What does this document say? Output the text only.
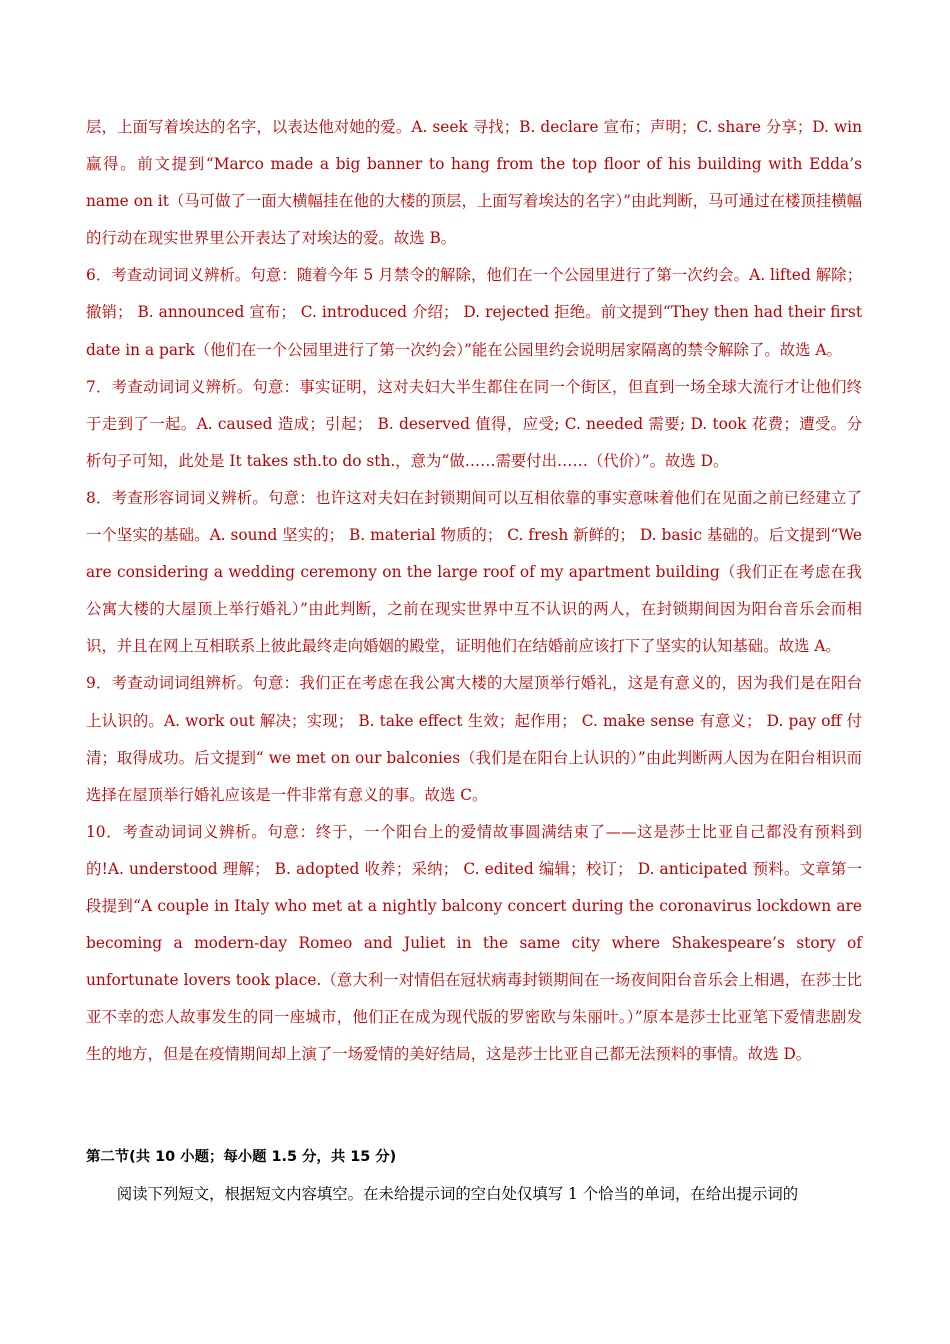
层，上面写着埃达的名字，以表达他对她的爱。A. seek 寻找；B. declare 宣布；声明；C. share 分享；D. win 赢得。前文提到“Marco made a big banner to hang from the top floor of his building with Edda’s name on it（马可做了一面大横幅挂在他的大楼的顶层，上面写着埃达的名字）”由此判断，马可通过在楼顶挂横幅的行动在现实世界里公开表达了对埃达的爱。故选 B。

6．考查动词词义辨析。句意：随着今年 5 月禁令的解除，他们在一个公园里进行了第一次约会。A. lifted 解除；撤销； B. announced 宣布； C. introduced 介绍； D. rejected 拒绝。前文提到“They then had their first date in a park（他们在一个公园里进行了第一次约会）”能在公园里约会说明居家隔离的禁令解除了。故选 A。

7．考查动词词义辨析。句意：事实证明，这对夫妇大半生都住在同一个街区，但直到一场全球大流行才让他们终于走到了一起。A. caused 造成；引起； B. deserved 值得，应受; C. needed 需要; D. took 花费；遭受。分析句子可知，此处是 It takes sth.to do sth.，意为“做……需要付出……（代价）”。故选 D。

8．考查形容词词义辨析。句意：也许这对夫妇在封锁期间可以互相依靠的事实意味着他们在见面之前已经建立了一个坚实的基础。A. sound 坚实的； B. material 物质的； C. fresh 新鲜的； D. basic 基础的。后文提到“We are considering a wedding ceremony on the large roof of my apartment building（我们正在考虑在我公寓大楼的大屋顶上举行婚礼）”由此判断，之前在现实世界中互不认识的两人，在封锁期间因为阳台音乐会而相识，并且在网上互相联系上彼此最终走向婚姻的殿堂，证明他们在结婚前应该打下了坚实的认知基础。故选 A。

9．考查动词词组辨析。句意：我们正在考虑在我公寓大楼的大屋顶举行婚礼，这是有意义的，因为我们是在阳台上认识的。A. work out 解决；实现； B. take effect 生效；起作用； C. make sense 有意义； D. pay off 付清；取得成功。后文提到“ we met on our balconies（我们是在阳台上认识的）”由此判断两人因为在阳台相识而选择在屋顶举行婚礼应该是一件非常有意义的事。故选 C。

10．考查动词词义辨析。句意：终于，一个阳台上的爱情故事圆满结束了——这是莎士比亚自己都没有预料到的!A. understood 理解； B. adopted 收养；采纳； C. edited 编辑；校订； D. anticipated 预料。文章第一段提到“A couple in Italy who met at a nightly balcony concert during the coronavirus lockdown are becoming a modern-day Romeo and Juliet in the same city where Shakespeare’s story of unfortunate lovers took place.（意大利一对情侣在冠状病毒封锁期间在一场夜间阳台音乐会上相遇，在莎士比亚不幸的恋人故事发生的同一座城市，他们正在成为现代版的罗密欧与朱丽叶。）”原本是莎士比亚笔下爱情悲剧发生的地方，但是在疫情期间却上演了一场爱情的美好结局，这是莎士比亚自己都无法预料的事情。故选 D。

第二节(共 10 小题；每小题 1.5 分，共 15 分)
阅读下列短文，根据短文内容填空。在未给提示词的空白处仅填写 1 个恰当的单词，在给出提示词的
